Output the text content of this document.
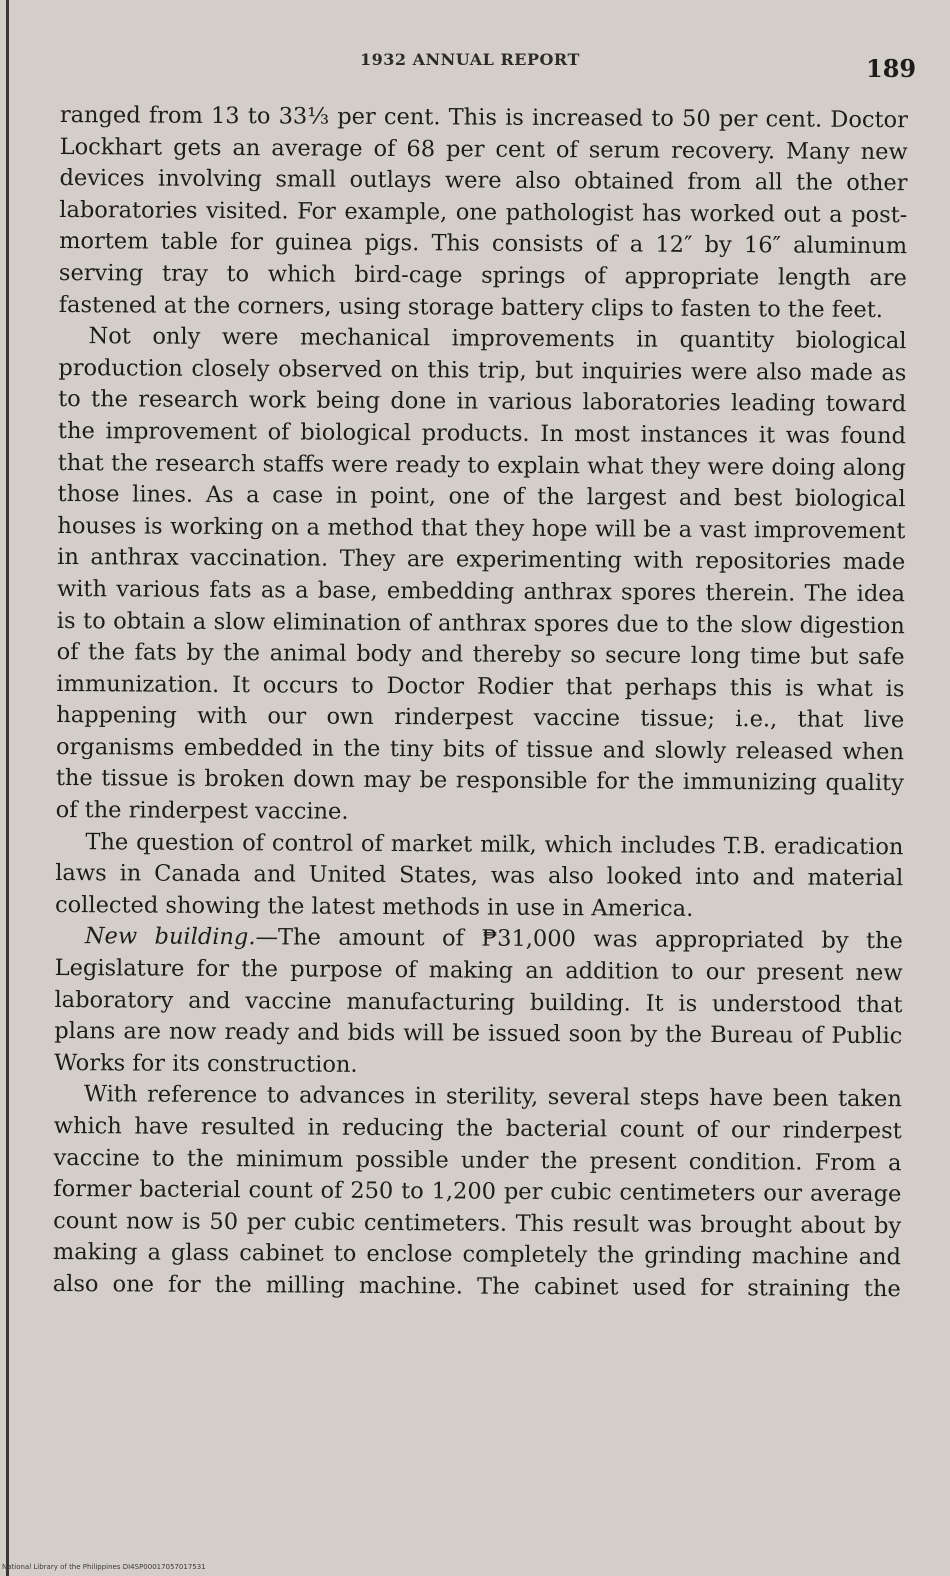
1932 ANNUAL REPORT	189

ranged from 13 to 33⅓ per cent. This is increased to 50 per cent. Doctor Lockhart gets an average of 68 per cent of serum recovery. Many new devices involving small outlays were also obtained from all the other laboratories visited. For example, one pathologist has worked out a post-mortem table for guinea pigs. This consists of a 12″ by 16″ aluminum serving tray to which bird-cage springs of appropriate length are fastened at the corners, using storage battery clips to fasten to the feet.

Not only were mechanical improvements in quantity biological production closely observed on this trip, but inquiries were also made as to the research work being done in various laboratories leading toward the improvement of biological products. In most instances it was found that the research staffs were ready to explain what they were doing along those lines. As a case in point, one of the largest and best biological houses is working on a method that they hope will be a vast improvement in anthrax vaccination. They are experimenting with repositories made with various fats as a base, embedding anthrax spores therein. The idea is to obtain a slow elimination of anthrax spores due to the slow digestion of the fats by the animal body and thereby so secure long time but safe immunization. It occurs to Doctor Rodier that perhaps this is what is happening with our own rinderpest vaccine tissue; i.e., that live organisms embedded in the tiny bits of tissue and slowly released when the tissue is broken down may be responsible for the immunizing quality of the rinderpest vaccine.

The question of control of market milk, which includes T.B. eradication laws in Canada and United States, was also looked into and material collected showing the latest methods in use in America.

New building.—The amount of ₱31,000 was appropriated by the Legislature for the purpose of making an addition to our present new laboratory and vaccine manufacturing building. It is understood that plans are now ready and bids will be issued soon by the Bureau of Public Works for its construction.

With reference to advances in sterility, several steps have been taken which have resulted in reducing the bacterial count of our rinderpest vaccine to the minimum possible under the present condition. From a former bacterial count of 250 to 1,200 per cubic centimeters our average count now is 50 per cubic centimeters. This result was brought about by making a glass cabinet to enclose completely the grinding machine and also one for the milling machine. The cabinet used for straining the

National Library of the Philippines DI4SP00017057017531
